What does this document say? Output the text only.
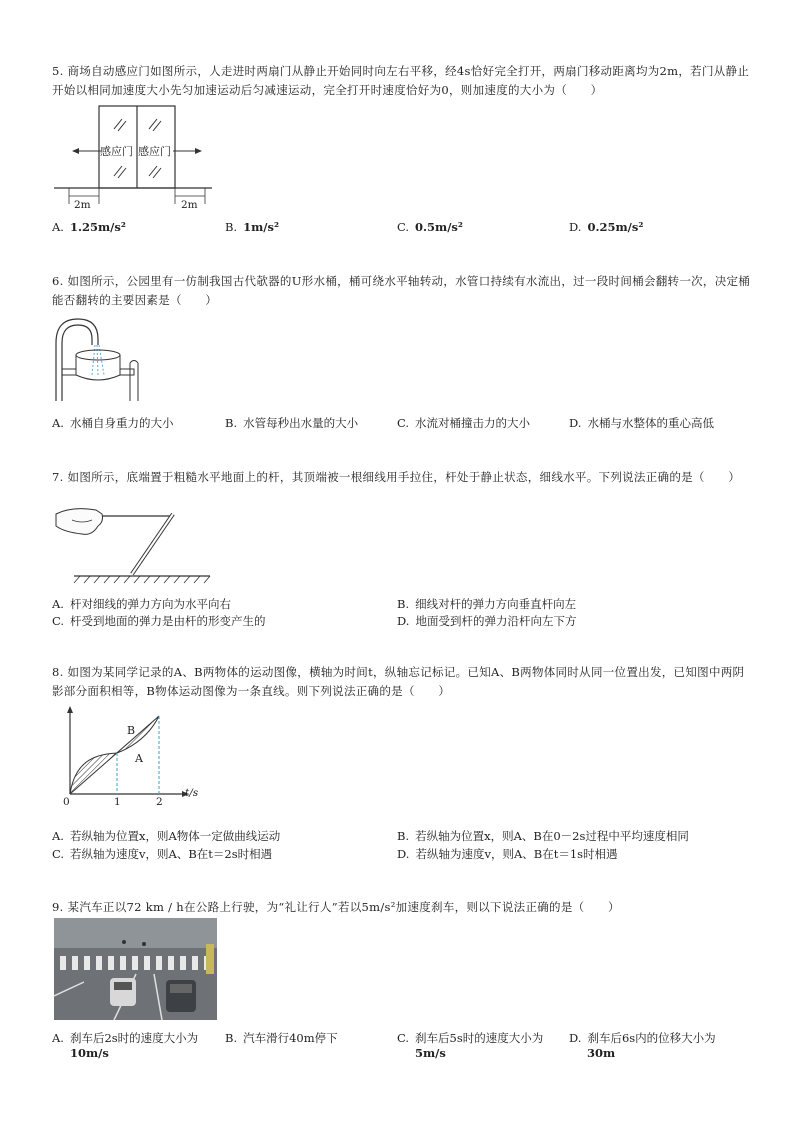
5. 商场自动感应门如图所示，人走进时两扇门从静止开始同时向左右平移，经4s恰好完全打开，两扇门移动距离均为2m，若门从静止开始以相同加速度大小先匀加速运动后匀减速运动，完全打开时速度恰好为0，则加速度的大小为（　　）

感应门 感应门
2m	2m
A. 1.25m/s²	B. 1m/s²	C. 0.5m/s²	D. 0.25m/s²

6. 如图所示，公园里有一仿制我国古代欹器的U形水桶，桶可绕水平轴转动，水管口持续有水流出，过一段时间桶会翻转一次，决定桶能否翻转的主要因素是（　　）

A. 水桶自身重力的大小	B. 水管每秒出水量的大小	C. 水流对桶撞击力的大小	D. 水桶与水整体的重心高低

7. 如图所示，底端置于粗糙水平地面上的杆，其顶端被一根细线用手拉住，杆处于静止状态，细线水平。下列说法正确的是（　　）

A. 杆对细线的弹力方向为水平向右	B. 细线对杆的弹力方向垂直杆向左
C. 杆受到地面的弹力是由杆的形变产生的	D. 地面受到杆的弹力沿杆向左下方

8. 如图为某同学记录的A、B两物体的运动图像，横轴为时间t，纵轴忘记标记。已知A、B两物体同时从同一位置出发，已知图中两阴影部分面积相等，B物体运动图像为一条直线。则下列说法正确的是（　　）

B
A
0	1	2
t/s
A. 若纵轴为位置x，则A物体一定做曲线运动	B. 若纵轴为位置x，则A、B在0－2s过程中平均速度相同
C. 若纵轴为速度v，则A、B在t＝2s时相遇	D. 若纵轴为速度v，则A、B在t＝1s时相遇

9. 某汽车正以72 km / h在公路上行驶，为“礼让行人”若以5m/s²加速度刹车，则以下说法正确的是（　　）

A. 刹车后2s时的速度大小为
10m/s
B. 汽车滑行40m停下	C. 刹车后5s时的速度大小为
5m/s
D. 刹车后6s内的位移大小为
30m
